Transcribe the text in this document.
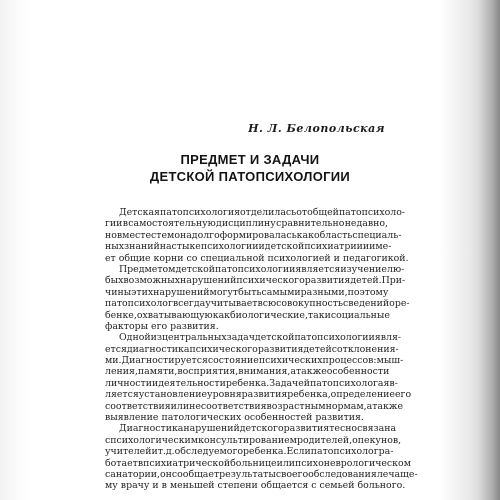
Н. Л. Белопольская
ПРЕДМЕТ И ЗАДАЧИ
ДЕТСКОЙ ПАТОПСИХОЛОГИИ
Детская патопсихология отделилась от общей патопсихоло-
гии в самостоятельную дисциплину сравнительно недавно,
но вместе с тем она долго формировалась как область специаль-
ных знаний на стыке психологии и детской психиатрии и име-
ет общие корни со специальной психологией и педагогикой.
Предметом детской патопсихологии является изучение лю-
бых возможных нарушений психического развития детей. При-
чины этих нарушений могут быть самыми разными, поэтому
патопсихолог всегда учитывает всю совокупность сведений о ре-
бенке, охватывающую как биологические, так и социальные
факторы его развития.
Одной из центральных задач детской патопсихологии явля-
ется диагностика психического развития детей с отклонения-
ми. Диагностируется состояние психических процессов: мыш-
ления, памяти, восприятия, внимания, а также особенности
личности и деятельности ребенка. Задачей патопсихолога яв-
ляется установление уровня развития ребенка, определение его
соответствия или несоответствия возрастным нормам, а также
выявление патологических особенностей развития.
Диагностика нарушений детского развития тесно связана
с психологическим консультированием родителей, опекунов,
учителей и т. д. обследуемого ребенка. Если патопсихолог ра-
ботает в психиатрической больнице или психоневрологическом
санатории, он сообщает результаты своего обследования лечаще-
му врачу и в меньшей степени общается с семьей больного.
